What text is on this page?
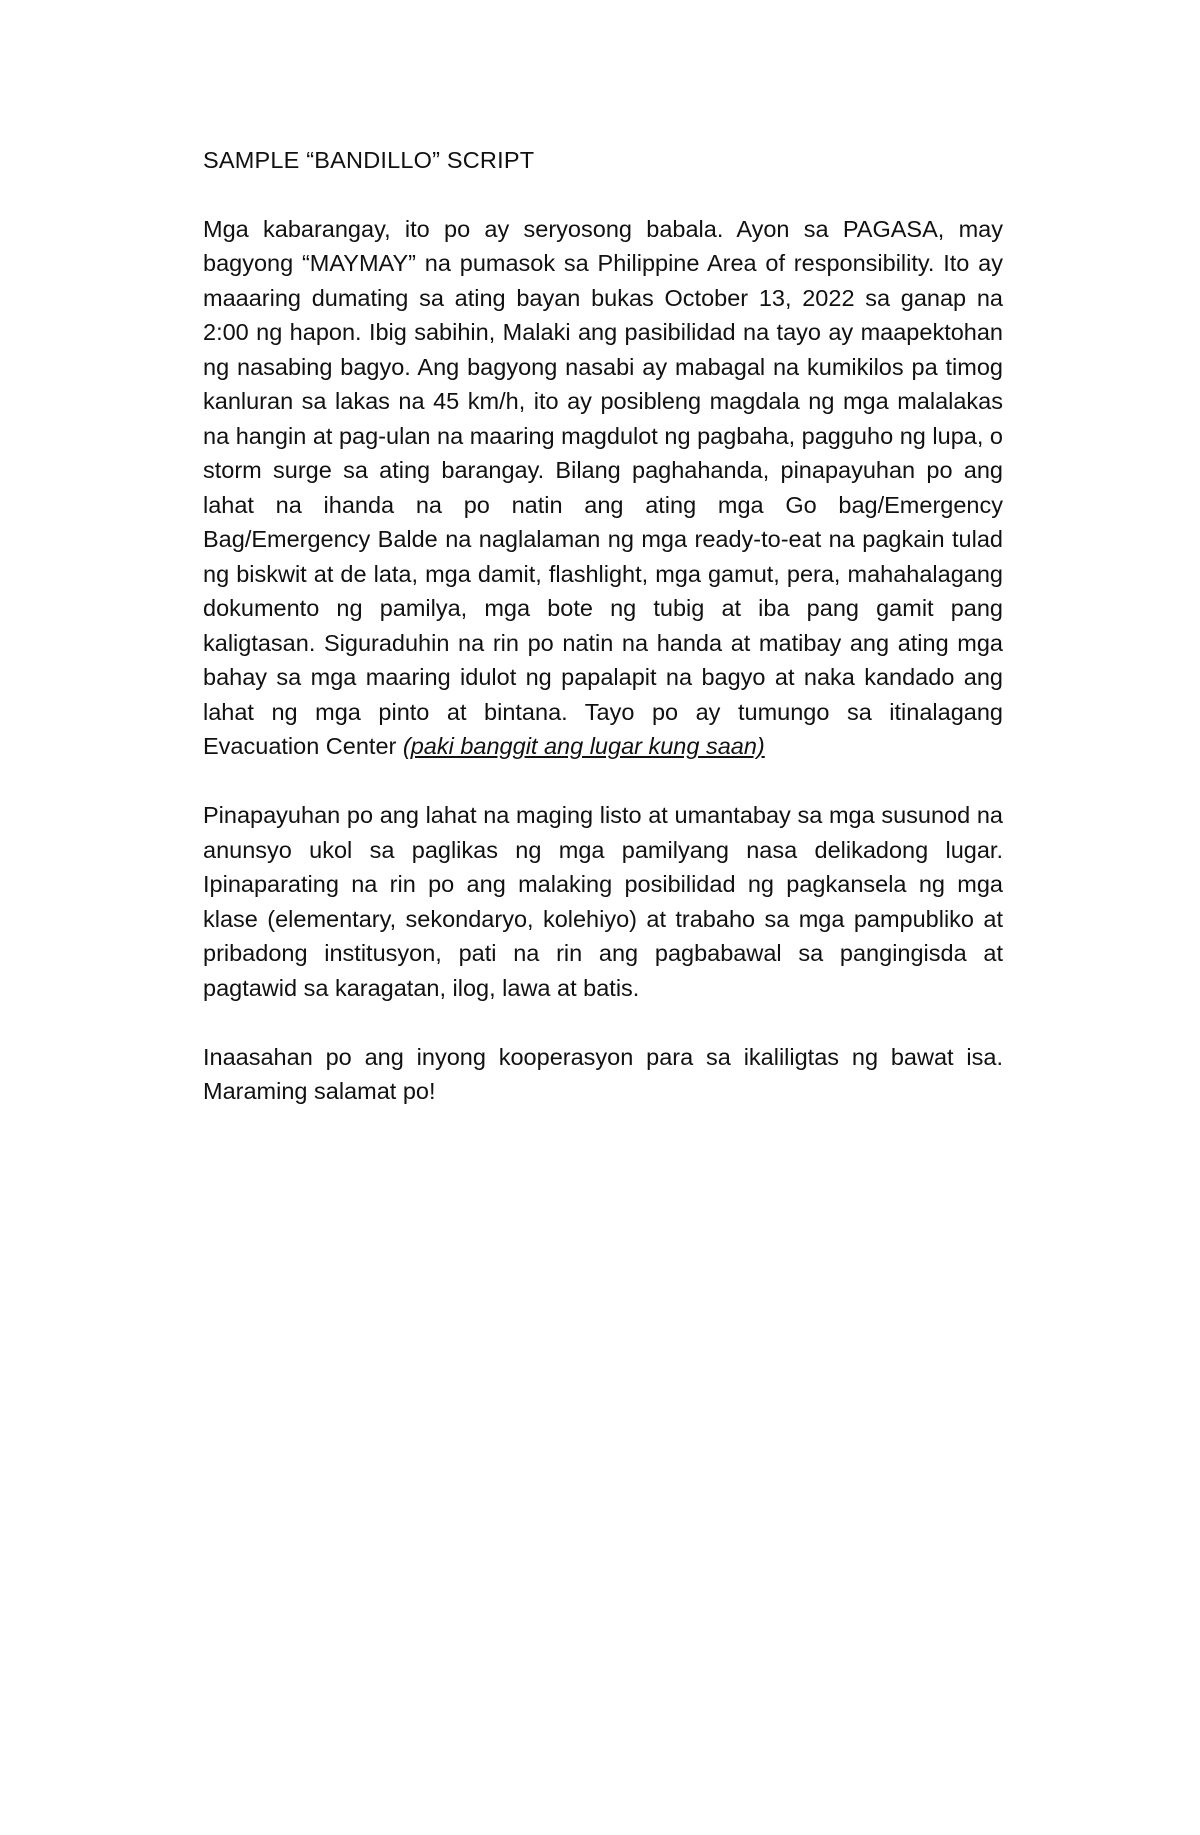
SAMPLE “BANDILLO” SCRIPT

Mga kabarangay, ito po ay seryosong babala. Ayon sa PAGASA, may bagyong “MAYMAY” na pumasok sa Philippine Area of responsibility. Ito ay maaaring dumating sa ating bayan bukas October 13, 2022 sa ganap na 2:00 ng hapon. Ibig sabihin, Malaki ang pasibilidad na tayo ay maapektohan ng nasabing bagyo. Ang bagyong nasabi ay mabagal na kumikilos pa timog kanluran sa lakas na 45 km/h, ito ay posibleng magdala ng mga malalakas na hangin at pag-ulan na maaring magdulot ng pagbaha, pagguho ng lupa, o storm surge sa ating barangay. Bilang paghahanda, pinapayuhan po ang lahat na ihanda na po natin ang ating mga Go bag/Emergency Bag/Emergency Balde na naglalaman ng mga ready-to-eat na pagkain tulad ng biskwit at de lata, mga damit, flashlight, mga gamut, pera, mahahalagang dokumento ng pamilya, mga bote ng tubig at iba pang gamit pang kaligtasan. Siguraduhin na rin po natin na handa at matibay ang ating mga bahay sa mga maaring idulot ng papalapit na bagyo at naka kandado ang lahat ng mga pinto at bintana. Tayo po ay tumungo sa itinalagang Evacuation Center (paki banggit ang lugar kung saan)

Pinapayuhan po ang lahat na maging listo at umantabay sa mga susunod na anunsyo ukol sa paglikas ng mga pamilyang nasa delikadong lugar. Ipinaparating na rin po ang malaking posibilidad ng pagkansela ng mga klase (elementary, sekondaryo, kolehiyo) at trabaho sa mga pampubliko at pribadong institusyon, pati na rin ang pagbabawal sa pangingisda at pagtawid sa karagatan, ilog, lawa at batis.

Inaasahan po ang inyong kooperasyon para sa ikaliligtas ng bawat isa. Maraming salamat po!
